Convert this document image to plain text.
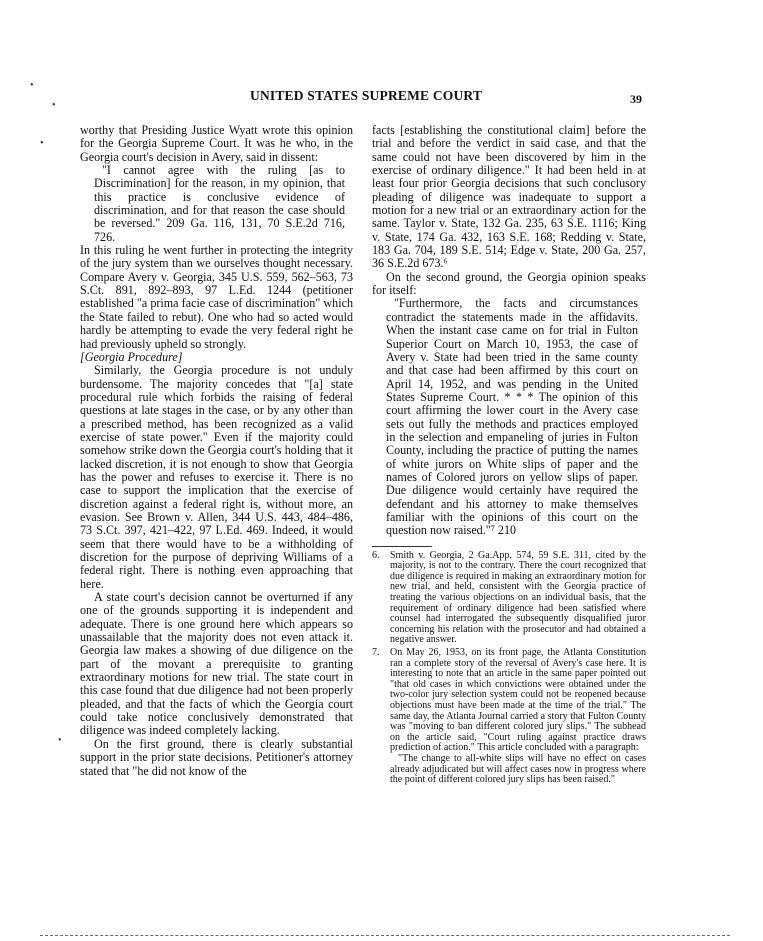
UNITED STATES SUPREME COURT	39
•
•
•
•

worthy that Presiding Justice Wyatt wrote this opinion for the Georgia Supreme Court. It was he who, in the Georgia court's decision in Avery, said in dissent:

"I cannot agree with the ruling [as to Discrimination] for the reason, in my opinion, that this practice is conclusive evidence of discrimination, and for that reason the case should be reversed." 209 Ga. 116, 131, 70 S.E.2d 716, 726.

In this ruling he went further in protecting the integrity of the jury system than we ourselves thought necessary. Compare Avery v. Georgia, 345 U.S. 559, 562–563, 73 S.Ct. 891, 892–893, 97 L.Ed. 1244 (petitioner established "a prima facie case of discrimination" which the State failed to rebut). One who had so acted would hardly be attempting to evade the very federal right he had previously upheld so strongly.

[Georgia Procedure]

Similarly, the Georgia procedure is not unduly burdensome. The majority concedes that "[a] state procedural rule which forbids the raising of federal questions at late stages in the case, or by any other than a prescribed method, has been recognized as a valid exercise of state power." Even if the majority could somehow strike down the Georgia court's holding that it lacked discretion, it is not enough to show that Georgia has the power and refuses to exercise it. There is no case to support the implication that the exercise of discretion against a federal right is, without more, an evasion. See Brown v. Allen, 344 U.S. 443, 484–486, 73 S.Ct. 397, 421–422, 97 L.Ed. 469. Indeed, it would seem that there would have to be a withholding of discretion for the purpose of depriving Williams of a federal right. There is nothing even approaching that here.

A state court's decision cannot be overturned if any one of the grounds supporting it is independent and adequate. There is one ground here which appears so unassailable that the majority does not even attack it. Georgia law makes a showing of due diligence on the part of the movant a prerequisite to granting extraordinary motions for new trial. The state court in this case found that due diligence had not been properly pleaded, and that the facts of which the Georgia court could take notice conclusively demonstrated that diligence was indeed completely lacking.

On the first ground, there is clearly substantial support in the prior state decisions. Petitioner's attorney stated that "he did not know of the

facts [establishing the constitutional claim] before the trial and before the verdict in said case, and that the same could not have been discovered by him in the exercise of ordinary diligence." It had been held in at least four prior Georgia decisions that such conclusory pleading of diligence was inadequate to support a motion for a new trial or an extraordinary action for the same. Taylor v. State, 132 Ga. 235, 63 S.E. 1116; King v. State, 174 Ga. 432, 163 S.E. 168; Redding v. State, 183 Ga. 704, 189 S.E. 514; Edge v. State, 200 Ga. 257, 36 S.E.2d 673.⁶

On the second ground, the Georgia opinion speaks for itself:

"Furthermore, the facts and circumstances contradict the statements made in the affidavits. When the instant case came on for trial in Fulton Superior Court on March 10, 1953, the case of Avery v. State had been tried in the same county and that case had been affirmed by this court on April 14, 1952, and was pending in the United States Supreme Court. * * * The opinion of this court affirming the lower court in the Avery case sets out fully the methods and practices employed in the selection and empaneling of juries in Fulton County, including the practice of putting the names of white jurors on White slips of paper and the names of Colored jurors on yellow slips of paper. Due diligence would certainly have required the defendant and his attorney to make themselves familiar with the opinions of this court on the question now raised."⁷ 210

6. Smith v. Georgia, 2 Ga.App. 574, 59 S.E. 311, cited by the majority, is not to the contrary. There the court recognized that due diligence is required in making an extraordinary motion for new trial, and held, consistent with the Georgia practice of treating the various objections on an individual basis, that the requirement of ordinary diligence had been satisfied where counsel had interrogated the subsequently disqualified juror concerning his relation with the prosecutor and had obtained a negative answer.
7. On May 26, 1953, on its front page, the Atlanta Constitution ran a complete story of the reversal of Avery's case here. It is interesting to note that an article in the same paper pointed out "that old cases in which convictions were obtained under the two-color jury selection system could not be reopened because objections must have been made at the time of the trial." The same day, the Atlanta Journal carried a story that Fulton County was "moving to ban different colored jury slips." The subhead on the article said, "Court ruling against practice draws prediction of action." This article concluded with a paragraph:

"The change to all-white slips will have no effect on cases already adjudicated but will affect cases now in progress where the point of different colored jury slips has been raised."
